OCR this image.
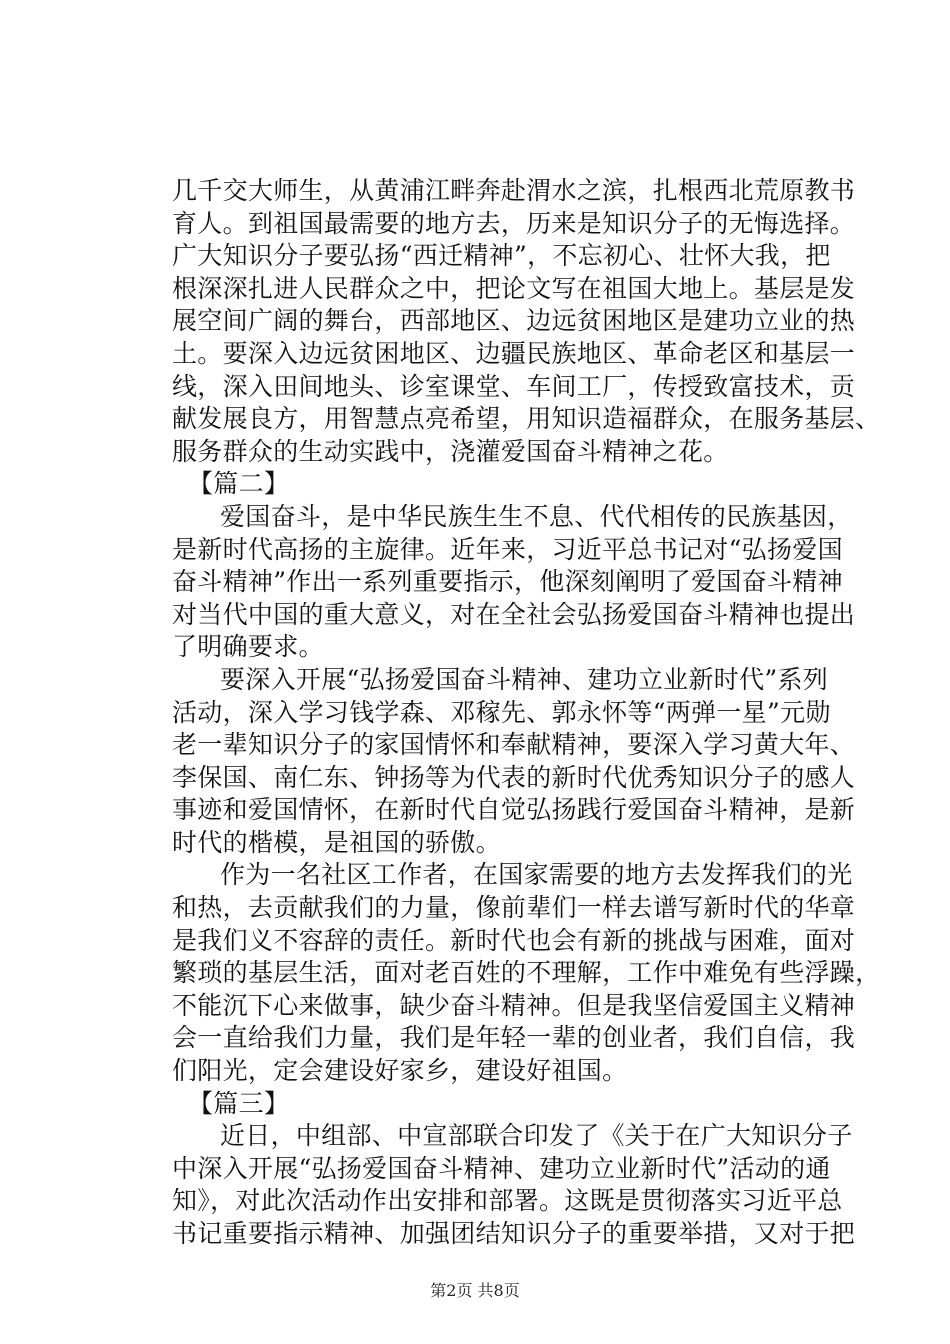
几千交大师生，从黄浦江畔奔赴渭水之滨，扎根西北荒原教书
育人。到祖国最需要的地方去，历来是知识分子的无悔选择。
广大知识分子要弘扬“西迁精神”，不忘初心、壮怀大我，把
根深深扎进人民群众之中，把论文写在祖国大地上。基层是发
展空间广阔的舞台，西部地区、边远贫困地区是建功立业的热
土。要深入边远贫困地区、边疆民族地区、革命老区和基层一
线，深入田间地头、诊室课堂、车间工厂，传授致富技术，贡
献发展良方，用智慧点亮希望，用知识造福群众，在服务基层、
服务群众的生动实践中，浇灌爱国奋斗精神之花。
【篇二】
爱国奋斗，是中华民族生生不息、代代相传的民族基因，
是新时代高扬的主旋律。近年来，习近平总书记对“弘扬爱国
奋斗精神”作出一系列重要指示，他深刻阐明了爱国奋斗精神
对当代中国的重大意义，对在全社会弘扬爱国奋斗精神也提出
了明确要求。
要深入开展“弘扬爱国奋斗精神、建功立业新时代”系列
活动，深入学习钱学森、邓稼先、郭永怀等“两弹一星”元勋
老一辈知识分子的家国情怀和奉献精神，要深入学习黄大年、
李保国、南仁东、钟扬等为代表的新时代优秀知识分子的感人
事迹和爱国情怀，在新时代自觉弘扬践行爱国奋斗精神，是新
时代的楷模，是祖国的骄傲。
作为一名社区工作者，在国家需要的地方去发挥我们的光
和热，去贡献我们的力量，像前辈们一样去谱写新时代的华章
是我们义不容辞的责任。新时代也会有新的挑战与困难，面对
繁琐的基层生活，面对老百姓的不理解，工作中难免有些浮躁，
不能沉下心来做事，缺少奋斗精神。但是我坚信爱国主义精神
会一直给我们力量，我们是年轻一辈的创业者，我们自信，我
们阳光，定会建设好家乡，建设好祖国。
【篇三】
近日，中组部、中宣部联合印发了《关于在广大知识分子
中深入开展“弘扬爱国奋斗精神、建功立业新时代”活动的通
知》，对此次活动作出安排和部署。这既是贯彻落实习近平总
书记重要指示精神、加强团结知识分子的重要举措，又对于把
第2页 共8页
